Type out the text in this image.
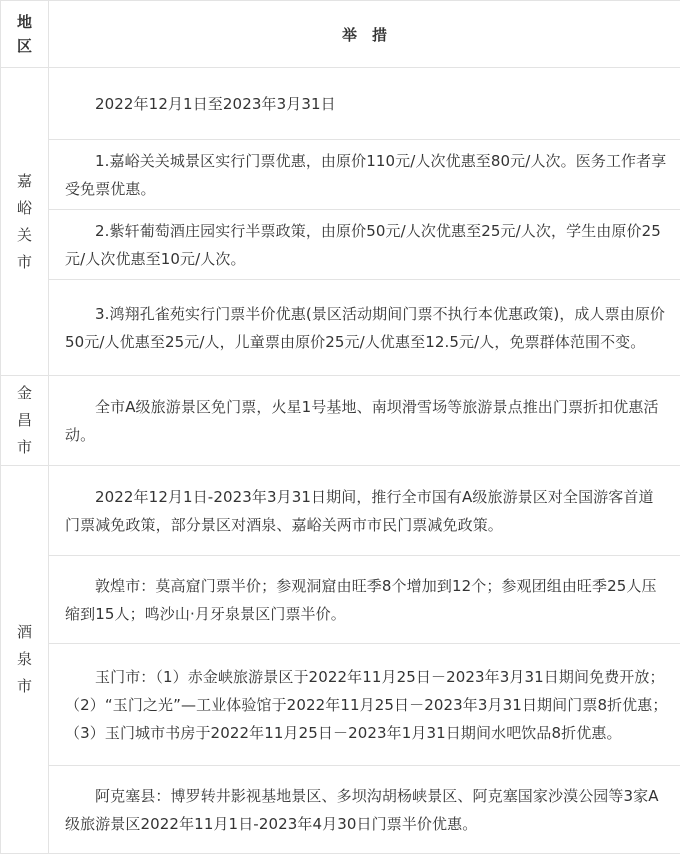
地
区	举　措

嘉
峪
关
市	2022年12月1日至2023年3月31日
	1.嘉峪关关城景区实行门票优惠，由原价110元/人次优惠至80元/人次。医务工作者享受免票优惠。
	2.紫轩葡萄酒庄园实行半票政策，由原价50元/人次优惠至25元/人次，学生由原价25元/人次优惠至10元/人次。
	3.鸿翔孔雀苑实行门票半价优惠(景区活动期间门票不执行本优惠政策)，成人票由原价50元/人优惠至25元/人，儿童票由原价25元/人优惠至12.5元/人，免票群体范围不变。

金
昌
市	全市A级旅游景区免门票，火星1号基地、南坝滑雪场等旅游景点推出门票折扣优惠活动。

酒
泉
市	2022年12月1日-2023年3月31日期间，推行全市国有A级旅游景区对全国游客首道门票减免政策，部分景区对酒泉、嘉峪关两市市民门票减免政策。
	敦煌市：莫高窟门票半价；参观洞窟由旺季8个增加到12个；参观团组由旺季25人压缩到15人；鸣沙山·月牙泉景区门票半价。
	玉门市：（1）赤金峡旅游景区于2022年11月25日－2023年3月31日期间免费开放；（2）“玉门之光”—工业体验馆于2022年11月25日－2023年3月31日期间门票8折优惠；（3）玉门城市书房于2022年11月25日－2023年1月31日期间水吧饮品8折优惠。
	阿克塞县：博罗转井影视基地景区、多坝沟胡杨峡景区、阿克塞国家沙漠公园等3家A级旅游景区2022年11月1日-2023年4月30日门票半价优惠。
